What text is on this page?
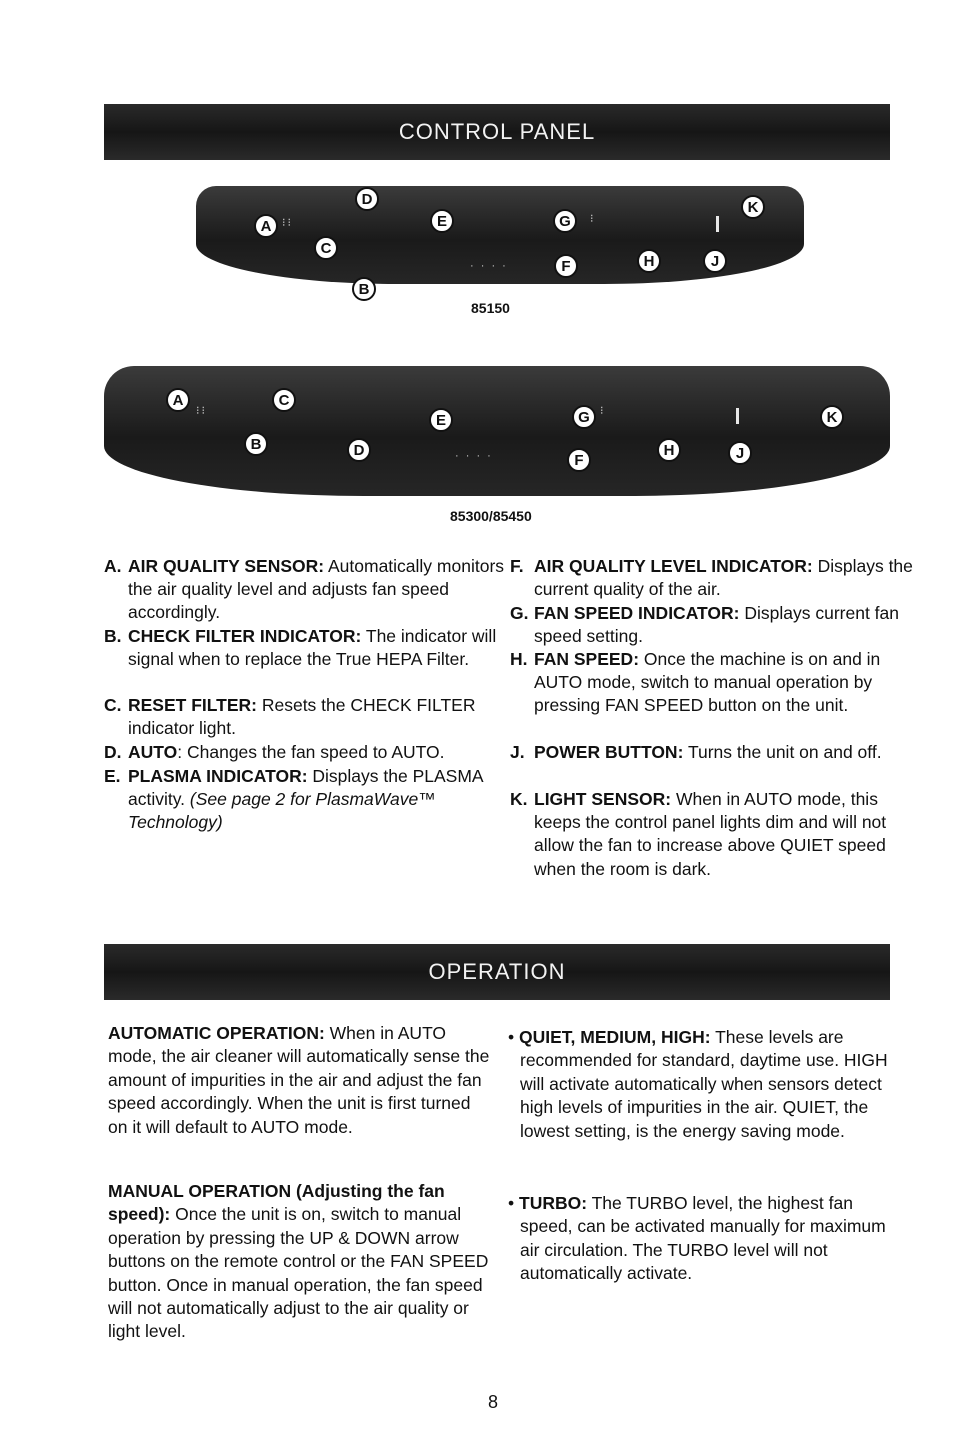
CONTROL PANEL
⁝⁝
· · · ·
⁝
D
A
C
E	G
F	H	J
K
B
85150
⁝⁝
· · · ·
⁝
A	C
B	D
E	G
F
H	J
K
85300/85450
A. AIR QUALITY SENSOR: Automatically monitors the air quality level and adjusts fan speed accordingly.
B. CHECK FILTER INDICATOR: The indicator will signal when to replace the True HEPA Filter.
C. RESET FILTER: Resets the CHECK FILTER indicator light.
D. AUTO: Changes the fan speed to AUTO.
E. PLASMA INDICATOR: Displays the PLASMA activity. (See page 2 for PlasmaWave™ Technology)
F. AIR QUALITY LEVEL INDICATOR: Displays the current quality of the air.
G. FAN SPEED INDICATOR: Displays current fan speed setting.
H. FAN SPEED: Once the machine is on and in AUTO mode, switch to manual operation by pressing FAN SPEED button on the unit.
J. POWER BUTTON: Turns the unit on and off.
K. LIGHT SENSOR: When in AUTO mode, this keeps the control panel lights dim and will not allow the fan to increase above QUIET speed when the room is dark.
OPERATION
AUTOMATIC OPERATION: When in AUTO mode, the air cleaner will automatically sense the amount of impurities in the air and adjust the fan speed accordingly. When the unit is first turned on it will default to AUTO mode.
MANUAL OPERATION (Adjusting the fan speed): Once the unit is on, switch to manual operation by pressing the UP & DOWN arrow buttons on the remote control or the FAN SPEED button. Once in manual operation, the fan speed will not automatically adjust to the air quality or light level.
• QUIET, MEDIUM, HIGH: These levels are recommended for standard, daytime use. HIGH will activate automatically when sensors detect high levels of impurities in the air. QUIET, the lowest setting, is the energy saving mode.
• TURBO: The TURBO level, the highest fan speed, can be activated manually for maximum air circulation. The TURBO level will not automatically activate.
8
